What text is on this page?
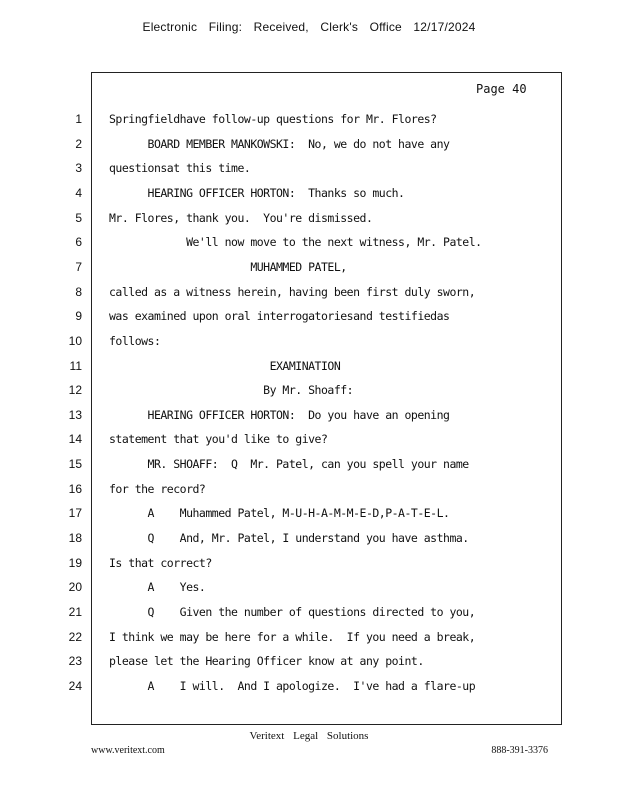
Electronic Filing: Received, Clerk's Office 12/17/2024
Page 40
1 Springfieldhave follow-up questions for Mr. Flores?
2 BOARD MEMBER MANKOWSKI:  No, we do not have any
3 questionsat this time.
4 HEARING OFFICER HORTON:  Thanks so much.
5 Mr. Flores, thank you.  You're dismissed.
6 We'll now move to the next witness, Mr. Patel.
7 MUHAMMED PATEL,
8 called as a witness herein, having been first duly sworn,
9 was examined upon oral interrogatoriesand testifiedas
10 follows:
11 EXAMINATION
12 By Mr. Shoaff:
13 HEARING OFFICER HORTON:  Do you have an opening
14 statement that you'd like to give?
15 MR. SHOAFF:  Q  Mr. Patel, can you spell your name
16 for the record?
17 A    Muhammed Patel, M-U-H-A-M-M-E-D,P-A-T-E-L.
18 Q    And, Mr. Patel, I understand you have asthma.
19 Is that correct?
20 A    Yes.
21 Q    Given the number of questions directed to you,
22 I think we may be here for a while.  If you need a break,
23 please let the Hearing Officer know at any point.
24 A    I will.  And I apologize.  I've had a flare-up
Veritext Legal Solutions
www.veritext.com	888-391-3376
